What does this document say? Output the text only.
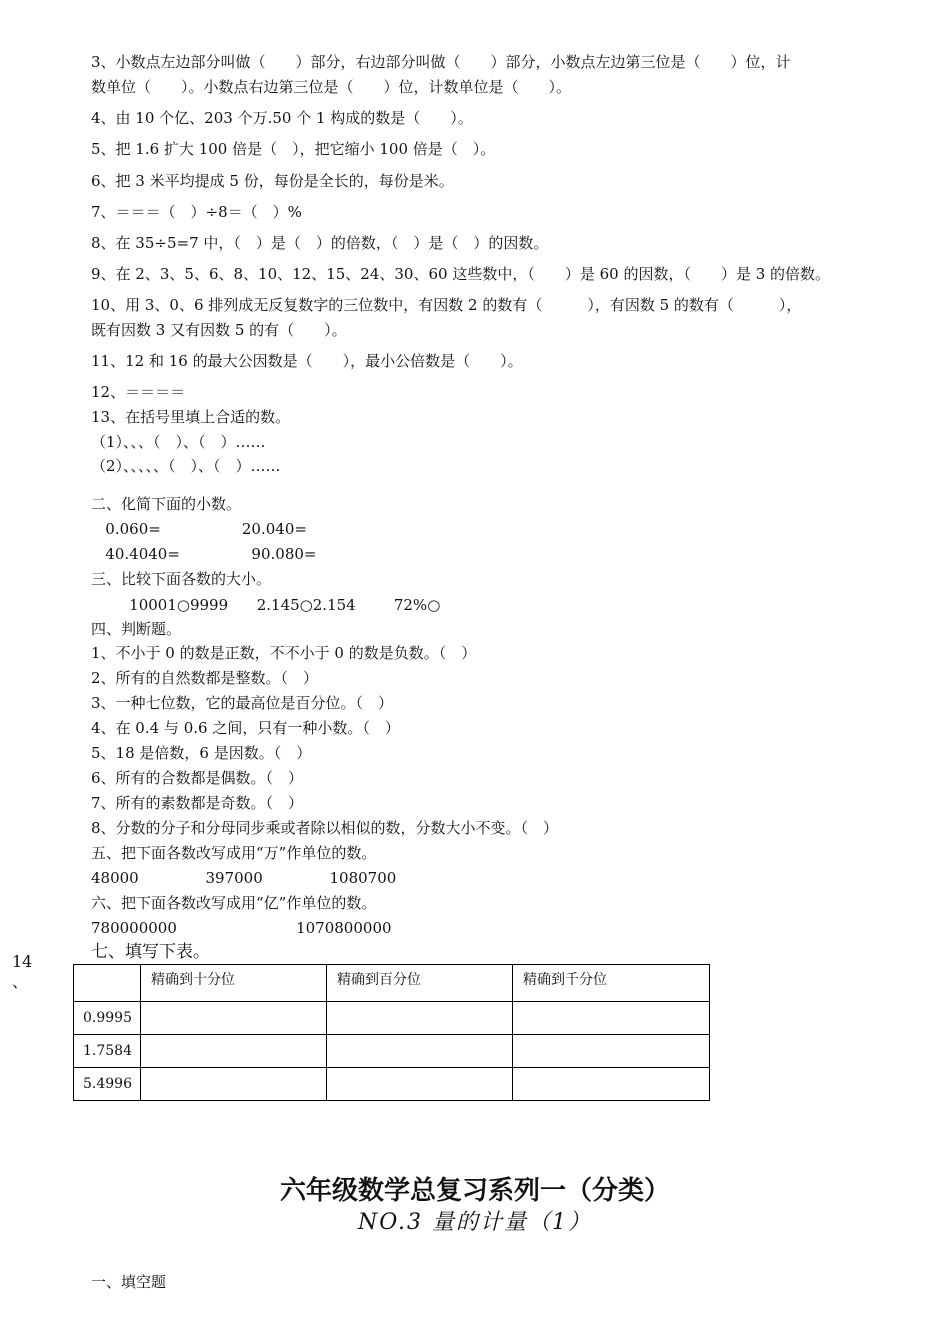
3、小数点左边部分叫做（　　）部分，右边部分叫做（　　）部分，小数点左边第三位是（　　）位，计
数单位（　　）。小数点右边第三位是（　　）位，计数单位是（　　）。
4、由 10 个亿、203 个万.50 个 1 构成的数是（　　）。
5、把 1.6 扩大 100 倍是（　），把它缩小 100 倍是（　）。
6、把 3 米平均提成 5 份，每份是全长的，每份是米。
7、＝＝＝（　）÷8＝（　）%
8、在 35÷5=7 中，（　）是（　）的倍数，（　）是（　）的因数。
9、在 2、3、5、6、8、10、12、15、24、30、60 这些数中，（　　）是 60 的因数，（　　）是 3 的倍数。
10、用 3、0、6 排列成无反复数字的三位数中，有因数 2 的数有（　　　），有因数 5 的数有（　　　），
既有因数 3 又有因数 5 的有（　　）。
11、12 和 16 的最大公因数是（　　），最小公倍数是（　　）。
12、＝＝＝＝
13、在括号里填上合适的数。
（1）、、、（　）、（　）……
（2）、、、、、（　）、（　）……
二、化简下面的小数。
0.060=                 20.040=
40.4040=               90.080=
三、比较下面各数的大小。
10001○9999      2.145○2.154        72%○
四、判断题。
1、不小于 0 的数是正数，不不小于 0 的数是负数。（　）
2、所有的自然数都是整数。（　）
3、一种七位数，它的最高位是百分位。（　）
4、在 0.4 与 0.6 之间，只有一种小数。（　）
5、18 是倍数，6 是因数。（　）
6、所有的合数都是偶数。（　）
7、所有的素数都是奇数。（　）
8、分数的分子和分母同步乘或者除以相似的数，分数大小不变。（　）
五、把下面各数改写成用“万”作单位的数。
48000              397000              1080700
六、把下面各数改写成用“亿”作单位的数。
780000000                         1070800000
七、填写下表。
14
、
		精确到十分位	精确到百分位	精确到千分位
0.9995			
1.7584			
5.4996			
六年级数学总复习系列一（分类）
NO.3 量的计量（1）
一、填空题
